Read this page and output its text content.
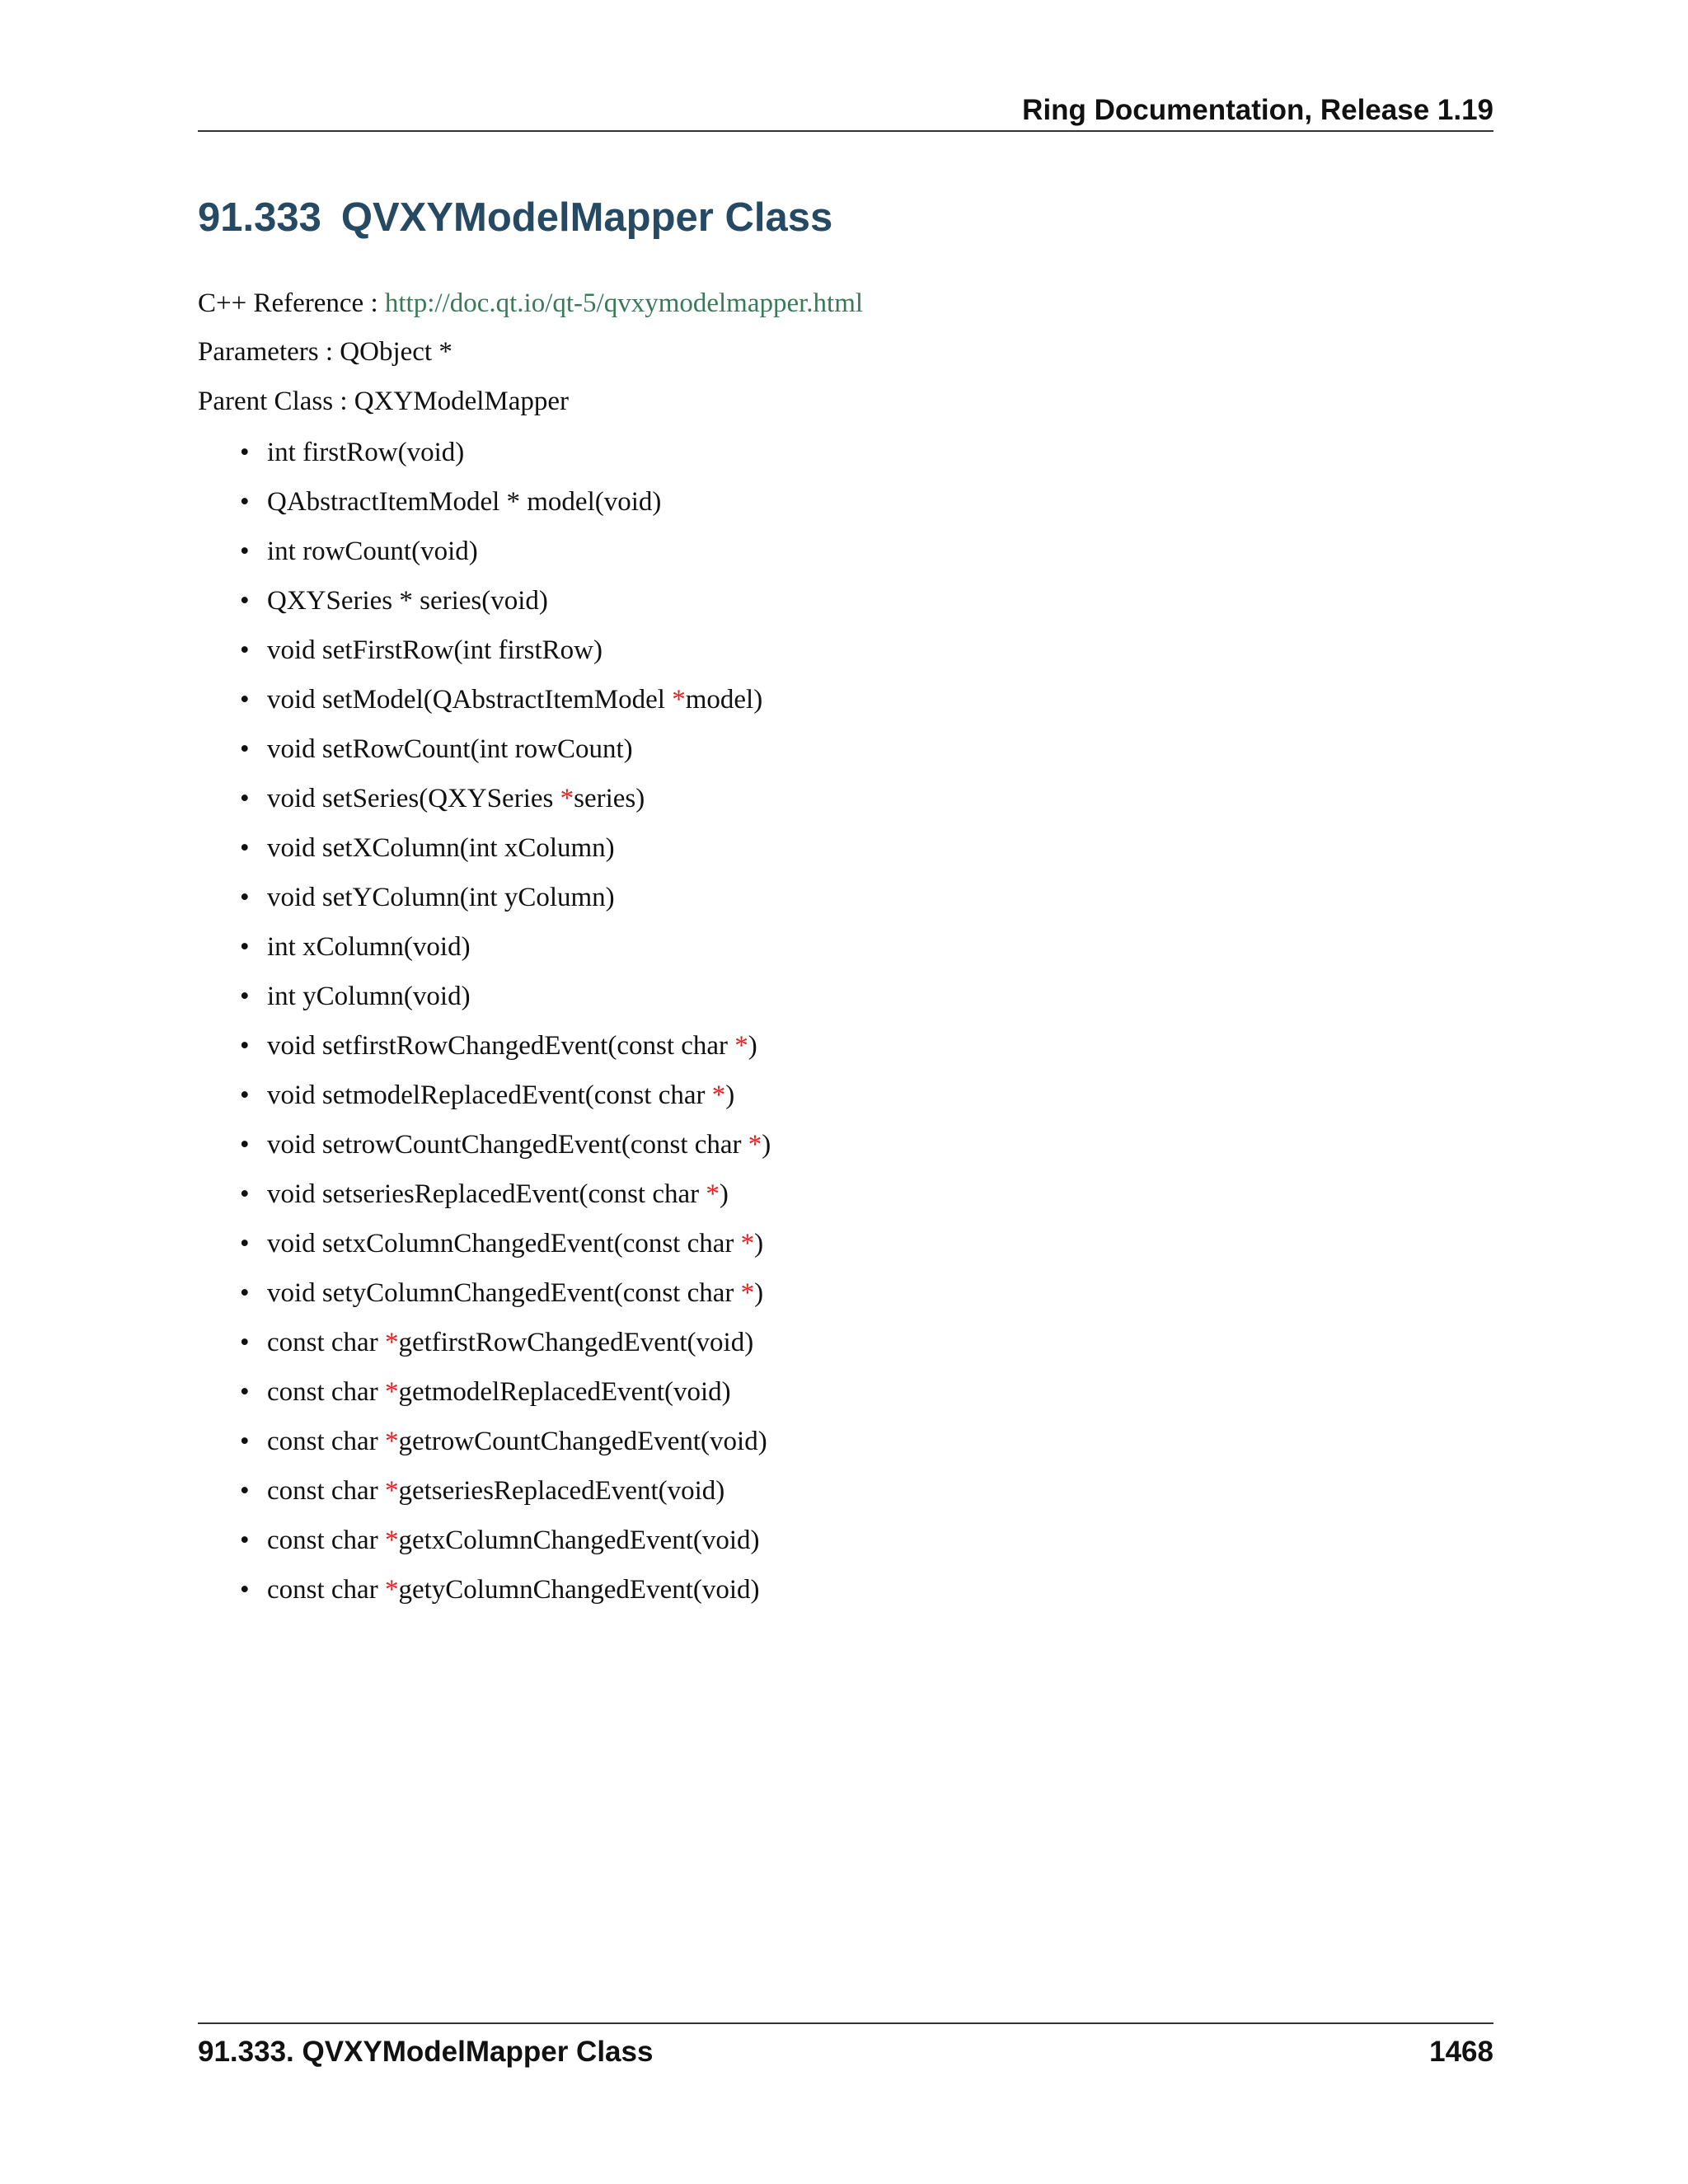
Ring Documentation, Release 1.19
91.333 QVXYModelMapper Class
C++ Reference : http://doc.qt.io/qt-5/qvxymodelmapper.html
Parameters : QObject *
Parent Class : QXYModelMapper
• int firstRow(void)
• QAbstractItemModel * model(void)
• int rowCount(void)
• QXYSeries * series(void)
• void setFirstRow(int firstRow)
• void setModel(QAbstractItemModel *model)
• void setRowCount(int rowCount)
• void setSeries(QXYSeries *series)
• void setXColumn(int xColumn)
• void setYColumn(int yColumn)
• int xColumn(void)
• int yColumn(void)
• void setfirstRowChangedEvent(const char *)
• void setmodelReplacedEvent(const char *)
• void setrowCountChangedEvent(const char *)
• void setseriesReplacedEvent(const char *)
• void setxColumnChangedEvent(const char *)
• void setyColumnChangedEvent(const char *)
• const char *getfirstRowChangedEvent(void)
• const char *getmodelReplacedEvent(void)
• const char *getrowCountChangedEvent(void)
• const char *getseriesReplacedEvent(void)
• const char *getxColumnChangedEvent(void)
• const char *getyColumnChangedEvent(void)
91.333. QVXYModelMapper Class	1468
